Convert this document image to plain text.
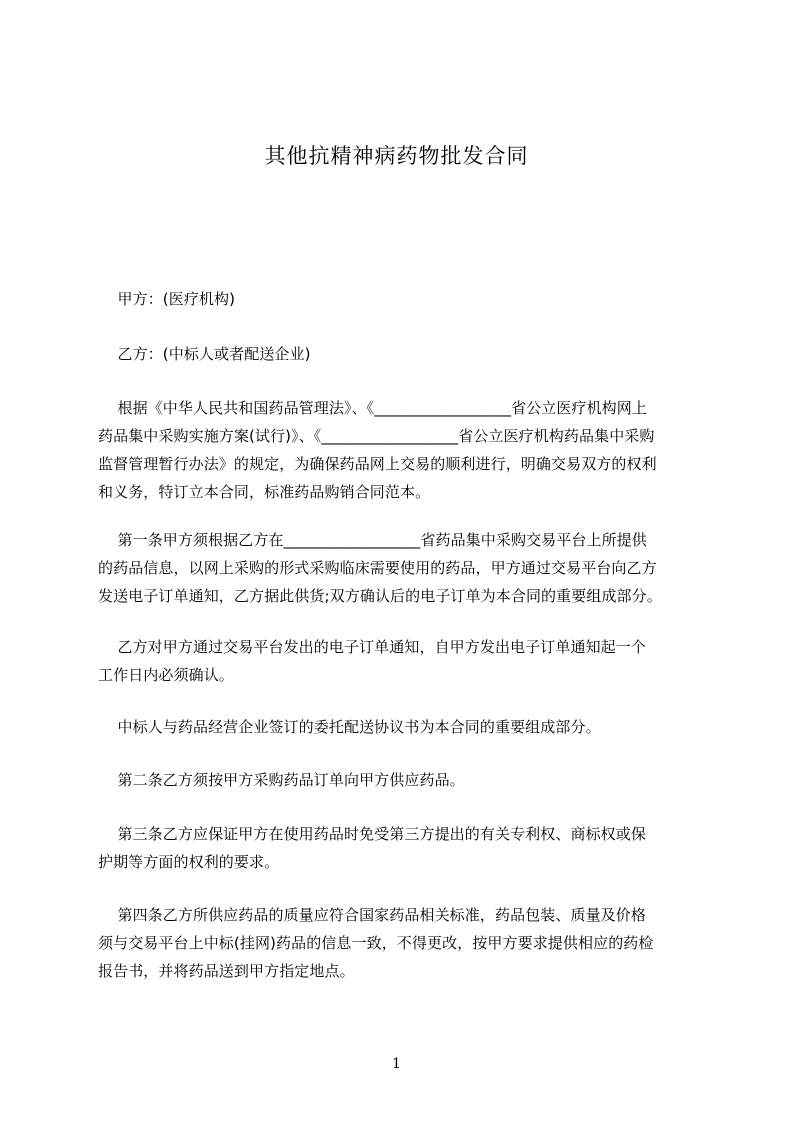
其他抗精神病药物批发合同
甲方：(医疗机构)
乙方：(中标人或者配送企业)
根据《中华人民共和国药品管理法》、《__________________省公立医疗机构网上
药品集中采购实施方案(试行)》、《__________________省公立医疗机构药品集中采购
监督管理暂行办法》的规定，为确保药品网上交易的顺利进行，明确交易双方的权利
和义务，特订立本合同，标准药品购销合同范本。
第一条甲方须根据乙方在__________________省药品集中采购交易平台上所提供
的药品信息，以网上采购的形式采购临床需要使用的药品，甲方通过交易平台向乙方
发送电子订单通知，乙方据此供货;双方确认后的电子订单为本合同的重要组成部分。
乙方对甲方通过交易平台发出的电子订单通知，自甲方发出电子订单通知起一个
工作日内必须确认。
中标人与药品经营企业签订的委托配送协议书为本合同的重要组成部分。
第二条乙方须按甲方采购药品订单向甲方供应药品。
第三条乙方应保证甲方在使用药品时免受第三方提出的有关专利权、商标权或保
护期等方面的权利的要求。
第四条乙方所供应药品的质量应符合国家药品相关标准，药品包装、质量及价格
须与交易平台上中标(挂网)药品的信息一致，不得更改，按甲方要求提供相应的药检
报告书，并将药品送到甲方指定地点。
1
